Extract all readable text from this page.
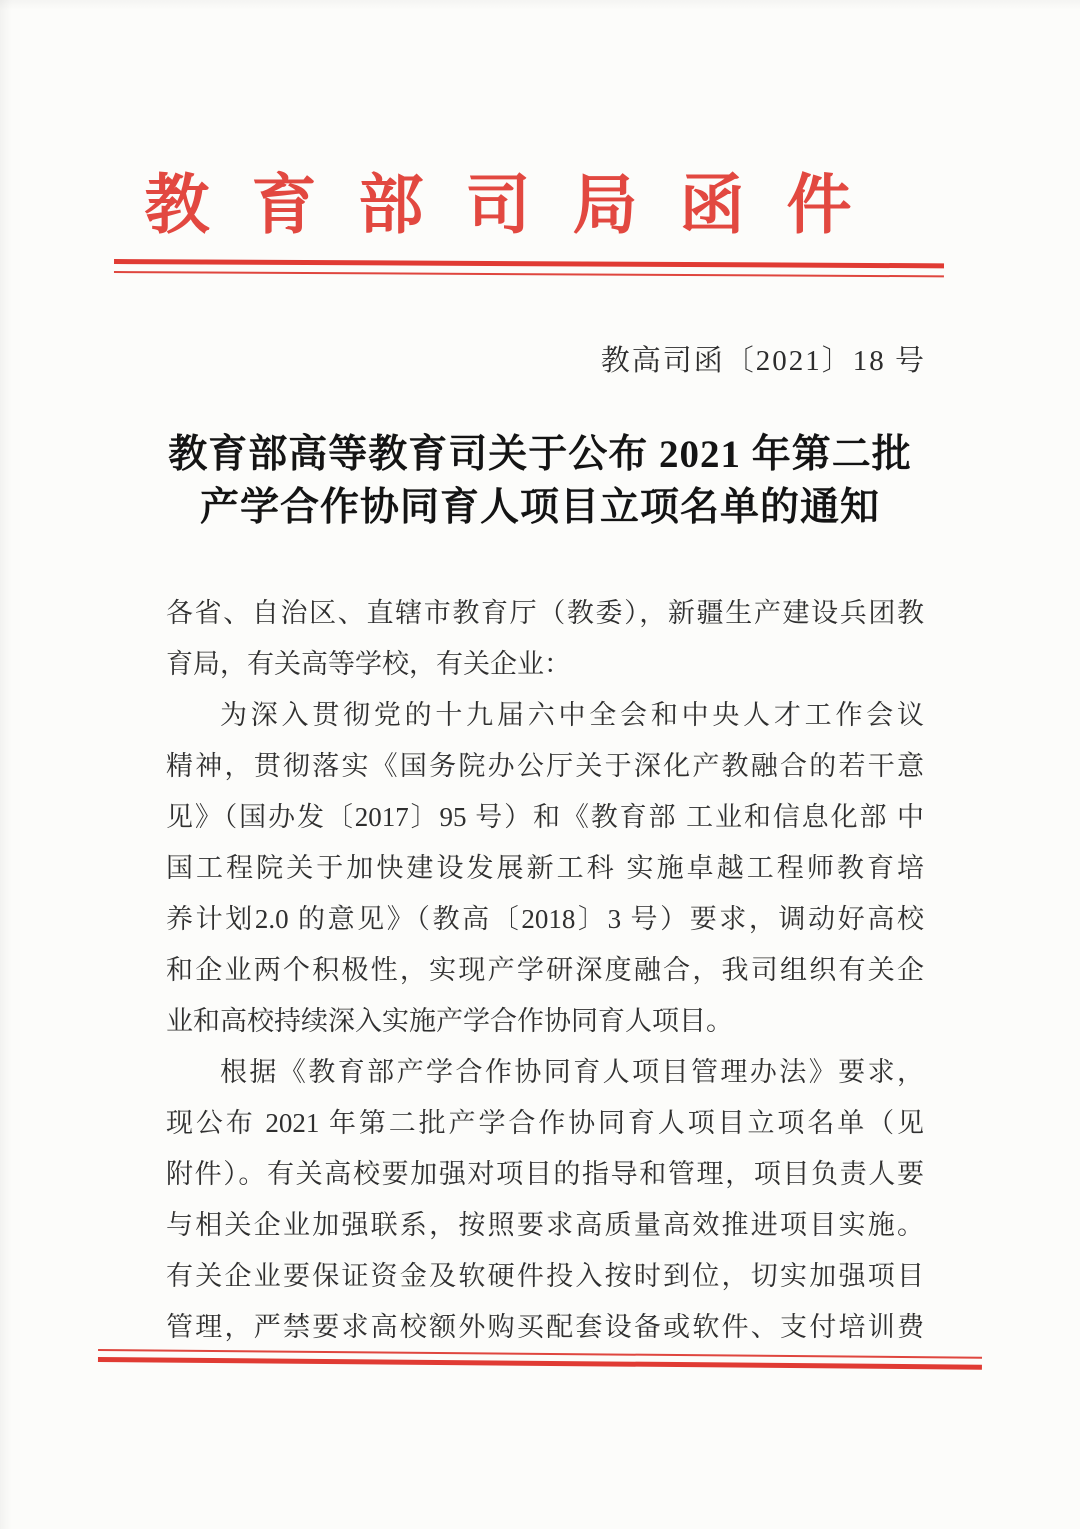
教育部司局函件
教高司函〔2021〕18 号
教育部高等教育司关于公布 2021 年第二批
产学合作协同育人项目立项名单的通知
各省、自治区、直辖市教育厅（教委），新疆生产建设兵团教
育局，有关高等学校，有关企业：
为深入贯彻党的十九届六中全会和中央人才工作会议
精神，贯彻落实《国务院办公厅关于深化产教融合的若干意
见》（国办发〔2017〕95 号）和《教育部 工业和信息化部 中
国工程院关于加快建设发展新工科 实施卓越工程师教育培
养计划2.0 的意见》（教高〔2018〕3 号）要求，调动好高校
和企业两个积极性，实现产学研深度融合，我司组织有关企
业和高校持续深入实施产学合作协同育人项目。
根据《教育部产学合作协同育人项目管理办法》要求，
现公布 2021 年第二批产学合作协同育人项目立项名单（见
附件）。有关高校要加强对项目的指导和管理，项目负责人要
与相关企业加强联系，按照要求高质量高效推进项目实施。
有关企业要保证资金及软硬件投入按时到位，切实加强项目
管理，严禁要求高校额外购买配套设备或软件、支付培训费
